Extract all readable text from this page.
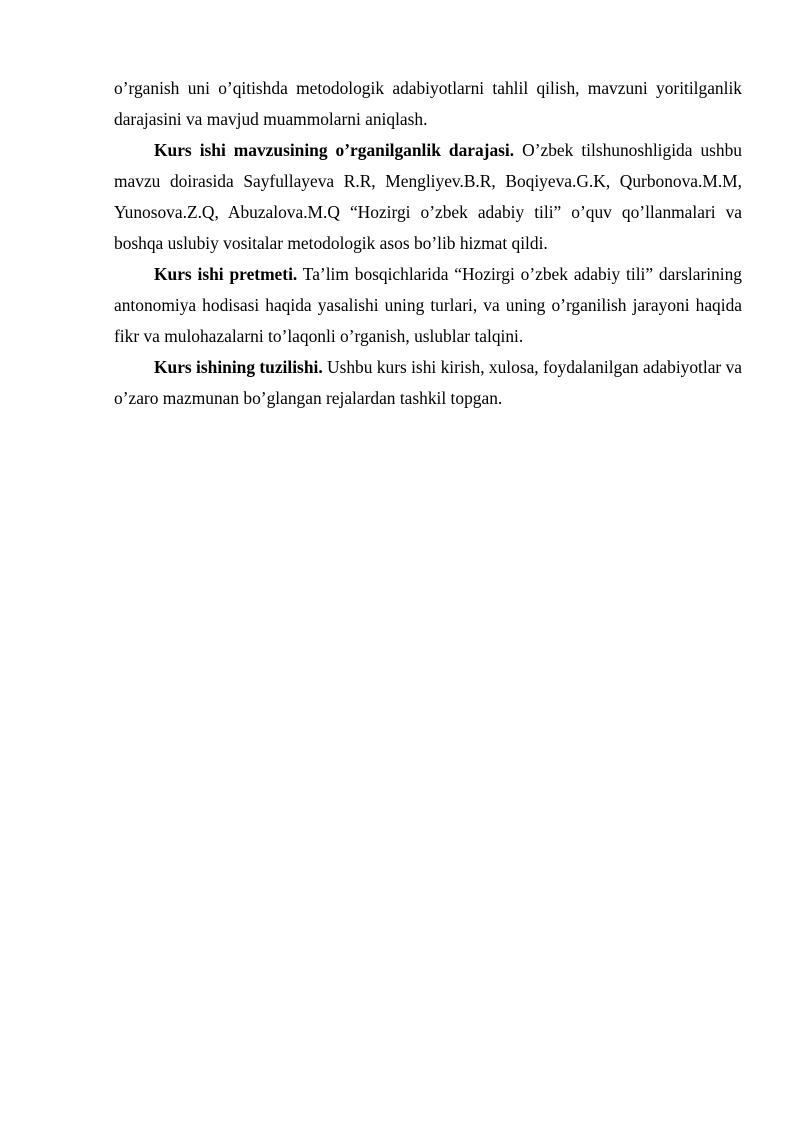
o’rganish uni o’qitishda metodologik adabiyotlarni tahlil qilish, mavzuni yoritilganlik darajasini va mavjud muammolarni aniqlash.

Kurs ishi mavzusining o’rganilganlik darajasi. O’zbek tilshunoshligida ushbu mavzu doirasida Sayfullayeva R.R, Mengliyev.B.R, Boqiyeva.G.K, Qurbonova.M.M, Yunosova.Z.Q, Abuzalova.M.Q “Hozirgi o’zbek adabiy tili” o’quv qo’llanmalari va boshqa uslubiy vositalar metodologik asos bo’lib hizmat qildi.

Kurs ishi pretmeti. Ta’lim bosqichlarida “Hozirgi o’zbek adabiy tili” darslarining antonomiya hodisasi haqida yasalishi uning turlari, va uning o’rganilish jarayoni haqida fikr va mulohazalarni to’laqonli o’rganish, uslublar talqini.

Kurs ishining tuzilishi. Ushbu kurs ishi kirish, xulosa, foydalanilgan adabiyotlar va o’zaro mazmunan bo’glangan rejalardan tashkil topgan.
